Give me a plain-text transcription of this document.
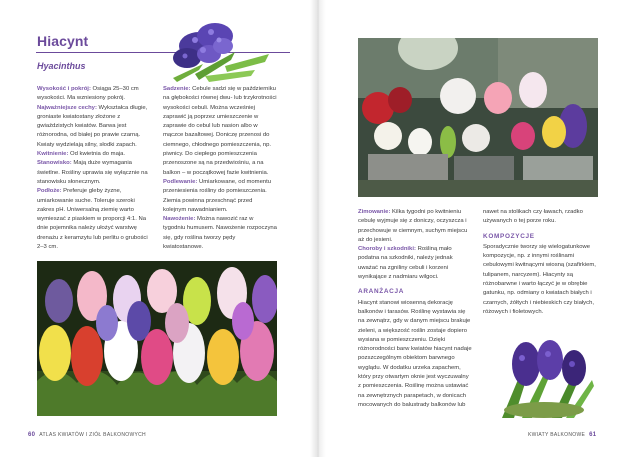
Hiacynt
Hyacinthus

Wysokość i pokrój: Osiąga 25–30 cm wysokości. Ma wzniesiony pokrój.

Najważniejsze cechy: Wykształca długie, groniaste kwiatostany złożone z gwiaździstych kwiatów. Barwa jest różnorodna, od białej po prawie czarną. Kwiaty wydzielają silny, słodki zapach.

Kwitnienie: Od kwietnia do maja.

Stanowisko: Mają duże wymagania świetlne. Rośliny uprawia się wyłącznie na stanowisku słonecznym.

Podłoże: Preferuje gleby żyzne, umiarkowanie suche. Toleruje szeroki zakres pH. Uniwersalną ziemię warto wymieszać z piaskiem w proporcji 4:1. Na dnie pojemnika należy ułożyć warstwę drenażu z keramzytu lub perlitu o grubości 2–3 cm.

Sadzenie: Cebule sadzi się w październiku na głębokości równej dwu- lub trzykrotności wysokości cebuli. Można wcześniej zaprawić ją poprzez umieszczenie w zaprawie do cebul lub nasion albo w mączce bazaltowej. Doniczę przenosi do ciemnego, chłodnego pomieszczenia, np. piwnicy. Do ciepłego pomieszczenia przenoszone są na przedwiośniu, a na balkon – w początkowej fazie kwitnienia.

Podlewanie: Umiarkowane, od momentu przeniesienia rośliny do pomieszczenia. Ziemia powinna przeschnąć przed kolejnym nawadnianiem.

Nawożenie: Można nawozić raz w tygodniu humusem. Nawożenie rozpoczyna się, gdy roślina tworzy pędy kwiatostanowe.

60 ATLAS KWIATÓW I ZIÓŁ BALKONOWYCH

Zimowanie: Kilka tygodni po kwitnieniu cebulę wyjmuje się z doniczy, oczyszcza i przechowuje w ciemnym, suchym miejscu aż do jesieni.

Choroby i szkodniki: Rośliną mało podatna na szkodniki, należy jednak uważać na zgniliny cebuli i korzeni wynikające z nadmiaru wilgoci.

ARANŻACJA

Hiacynt stanowi wiosenną dekorację balkonów i tarasów. Roślinę wystawia się na zewnątrz, gdy w danym miejscu brakuje zieleni, a większość roślin zostaje dopiero wysiana w pomieszczeniu. Dzięki różnorodności barw kwiatów hiacynt nadaje pozszczególnym obiektom barwnego wyglądu. W dodatku urzeka zapachem, który przy otwartym oknie jest wyczuwalny z pomieszczenia. Roślinę można ustawiać na zewnętrznych parapetach, w donicach mocowanych do balustrady balkonów lub

nawet na stolikach czy ławach, rzadko używanych o tej porze roku.

KOMPOZYCJE

Sporadycznie tworzy się wielogatunkowe kompozycje, np. z innymi roślinami cebulowymi kwitnącymi wiosną (szafirkiem, tulipanem, narcyzem). Hiacynty są różnobarwne i warto łączyć je w obrębie gatunku, np. odmiany o kwiatach białych i czarnych, żółtych i niebieskich czy białych, różowych i fioletowych.

KWIATY BALKONOWE 61
